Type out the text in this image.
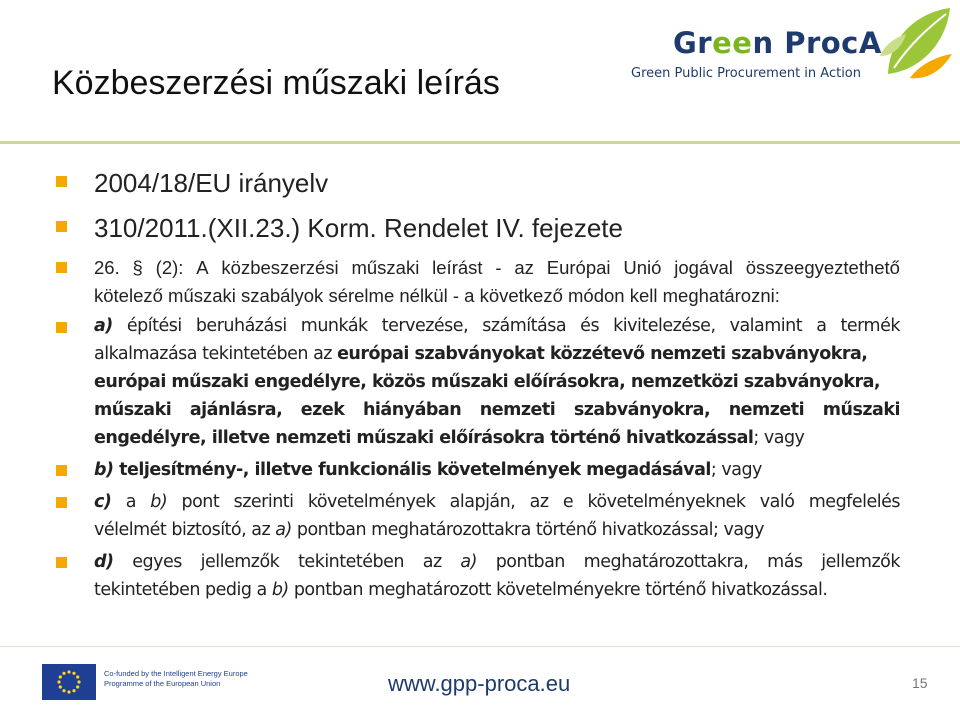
Közbeszerzési műszaki leírás
Green ProcA
Green Public Procurement in Action
2004/18/EU irányelv
310/2011.(XII.23.) Korm. Rendelet IV. fejezete
26. § (2): A közbeszerzési műszaki leírást - az Európai Unió jogával összeegyeztethető
kötelező műszaki szabályok sérelme nélkül - a következő módon kell meghatározni:
a) építési beruházási munkák tervezése, számítása és kivitelezése, valamint a termék
alkalmazása tekintetében az európai szabványokat közzétevő nemzeti szabványokra,
európai műszaki engedélyre, közös műszaki előírásokra, nemzetközi szabványokra,
műszaki ajánlásra, ezek hiányában nemzeti szabványokra, nemzeti műszaki
engedélyre, illetve nemzeti műszaki előírásokra történő hivatkozással; vagy
b) teljesítmény-, illetve funkcionális követelmények megadásával; vagy
c) a b) pont szerinti követelmények alapján, az e követelményeknek való megfelelés
vélelmét biztosító, az a) pontban meghatározottakra történő hivatkozással; vagy
d) egyes jellemzők tekintetében az a) pontban meghatározottakra, más jellemzők
tekintetében pedig a b) pontban meghatározott követelményekre történő hivatkozással.
Co-funded by the Intelligent Energy Europe
Programme of the European Union	www.gpp-proca.eu	15
